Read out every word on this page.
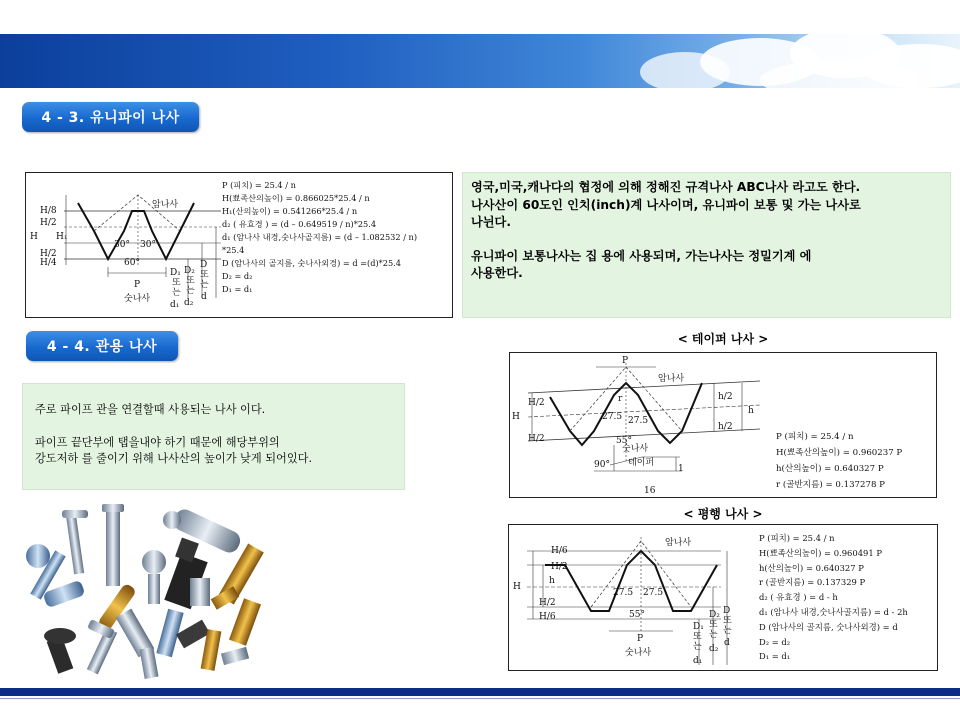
4 - 3. 유니파이 나사
H/8
H/2
H H₁
H/2
H/4
암나사
30° 30°
60°
P
숫나사
D₁
또
는
d₁
D₂
또
는
d₂
D
또
는
d
P (피치) = 25.4 / n
H(뾰족산의높이) = 0.866025*25.4 / n
H₁(산의높이) = 0.541266*25.4 / n
d₂ ( 유효경 ) = (d – 0.649519 / n)*25.4
d₁ (암나사 내경,숫나사골지름) = (d – 1.082532 / n)
*25.4
D (암나사의 골지름, 숫나사외경) = d =(d)*25.4
D₂ = d₂
D₁ = d₁

영국,미국,캐나다의 협정에 의해 정해진 규격나사 ABC나사 라고도 한다.

나사산이 60도인 인치(inch)계 나사이며, 유니파이 보통 및 가는 나사로

나뉜다.

유니파이 보통나사는 집 용에 사용되며, 가는나사는 정밀기계 에

사용한다.

4 - 4. 관용 나사

주로 파이프 관을 연결할때 사용되는 나사 이다.

파이프 끝단부에 탭을내야 하기 때문에 해당부위의

강도저하 를 줄이기 위해 나사산의 높이가 낮게 되어있다.

< 테이퍼 나사 >
P
암나사
H/2
H
H/2
r
27.5 27.5
55°
숫나사
테이퍼
90°	1
16
h/2
h/2
h
P (피치) = 25.4 / n
H(뾰족산의높이) = 0.960237 P
h(산의높이) = 0.640327 P
r (골반지름) = 0.137278 P
< 평행 나사 >
H/6
H/2
h
H
H/2
H/6
암나사
27.5 27.5
55°
P
숫나사
D₁
또
는
d₁
D₂
또
는
d₂
D
또
는
d
P (피치) = 25.4 / n
H(뾰족산의높이) = 0.960491 P
h(산의높이) = 0.640327 P
r (골반지름) = 0.137329 P
d₂ ( 유효경 ) = d - h
d₁ (암나사 내경,숫나사골지름) = d - 2h
D (암나사의 골지름, 숫나사외경) = d
D₂ = d₂
D₁ = d₁
